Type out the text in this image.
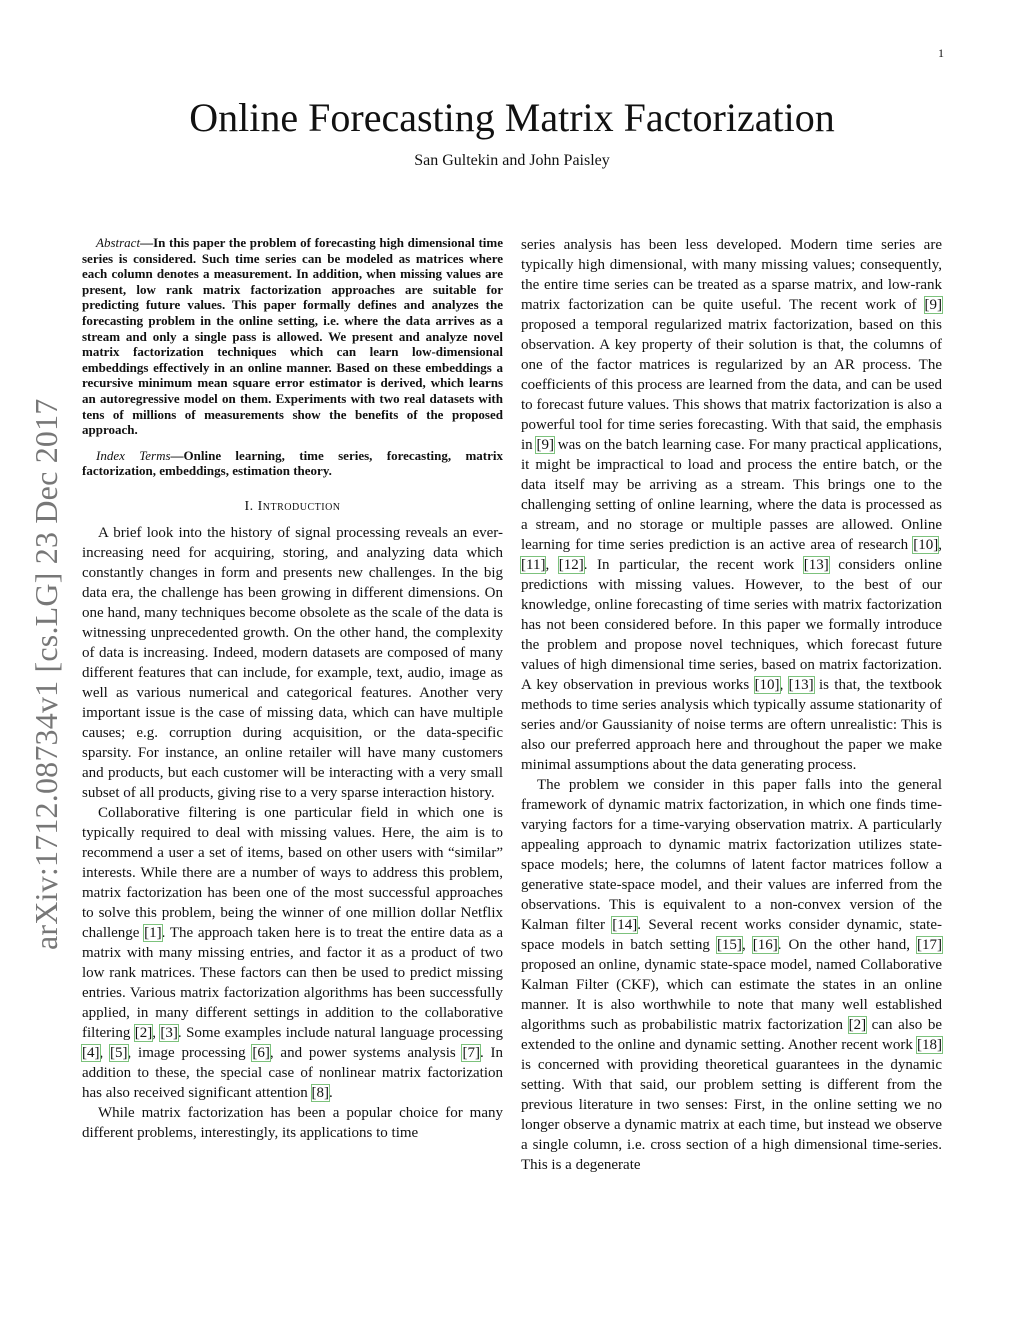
1
arXiv:1712.08734v1 [cs.LG] 23 Dec 2017
Online Forecasting Matrix Factorization
San Gultekin and John Paisley

Abstract—In this paper the problem of forecasting high dimensional time series is considered. Such time series can be modeled as matrices where each column denotes a measurement. In addition, when missing values are present, low rank matrix factorization approaches are suitable for predicting future values. This paper formally defines and analyzes the forecasting problem in the online setting, i.e. where the data arrives as a stream and only a single pass is allowed. We present and analyze novel matrix factorization techniques which can learn low-dimensional embeddings effectively in an online manner. Based on these embeddings a recursive minimum mean square error estimator is derived, which learns an autoregressive model on them. Experiments with two real datasets with tens of millions of measurements show the benefits of the proposed approach.

Index Terms—Online learning, time series, forecasting, matrix factorization, embeddings, estimation theory.

I. Introduction

A brief look into the history of signal processing reveals an ever-increasing need for acquiring, storing, and analyzing data which constantly changes in form and presents new challenges. In the big data era, the challenge has been growing in different dimensions. On one hand, many techniques become obsolete as the scale of the data is witnessing unprecedented growth. On the other hand, the complexity of data is increasing. Indeed, modern datasets are composed of many different features that can include, for example, text, audio, image as well as various numerical and categorical features. Another very important issue is the case of missing data, which can have multiple causes; e.g. corruption during acquisition, or the data-specific sparsity. For instance, an online retailer will have many customers and products, but each customer will be interacting with a very small subset of all products, giving rise to a very sparse interaction history.

Collaborative filtering is one particular field in which one is typically required to deal with missing values. Here, the aim is to recommend a user a set of items, based on other users with “similar” interests. While there are a number of ways to address this problem, matrix factorization has been one of the most successful approaches to solve this problem, being the winner of one million dollar Netflix challenge [1]. The approach taken here is to treat the entire data as a matrix with many missing entries, and factor it as a product of two low rank matrices. These factors can then be used to predict missing entries. Various matrix factorization algorithms has been successfully applied, in many different settings in addition to the collaborative filtering [2], [3]. Some examples include natural language processing [4], [5], image processing [6], and power systems analysis [7]. In addition to these, the special case of nonlinear matrix factorization has also received significant attention [8].

While matrix factorization has been a popular choice for many different problems, interestingly, its applications to time

series analysis has been less developed. Modern time series are typically high dimensional, with many missing values; consequently, the entire time series can be treated as a sparse matrix, and low-rank matrix factorization can be quite useful. The recent work of [9] proposed a temporal regularized matrix factorization, based on this observation. A key property of their solution is that, the columns of one of the factor matrices is regularized by an AR process. The coefficients of this process are learned from the data, and can be used to forecast future values. This shows that matrix factorization is also a powerful tool for time series forecasting. With that said, the emphasis in [9] was on the batch learning case. For many practical applications, it might be impractical to load and process the entire batch, or the data itself may be arriving as a stream. This brings one to the challenging setting of online learning, where the data is processed as a stream, and no storage or multiple passes are allowed. Online learning for time series prediction is an active area of research [10], [11], [12]. In particular, the recent work [13] considers online predictions with missing values. However, to the best of our knowledge, online forecasting of time series with matrix factorization has not been considered before. In this paper we formally introduce the problem and propose novel techniques, which forecast future values of high dimensional time series, based on matrix factorization. A key observation in previous works [10], [13] is that, the textbook methods to time series analysis which typically assume stationarity of series and/or Gaussianity of noise terms are oftern unrealistic: This is also our preferred approach here and throughout the paper we make minimal assumptions about the data generating process.

The problem we consider in this paper falls into the general framework of dynamic matrix factorization, in which one finds time-varying factors for a time-varying observation matrix. A particularly appealing approach to dynamic matrix factorization utilizes state-space models; here, the columns of latent factor matrices follow a generative state-space model, and their values are inferred from the observations. This is equivalent to a non-convex version of the Kalman filter [14]. Several recent works consider dynamic, state-space models in batch setting [15], [16]. On the other hand, [17] proposed an online, dynamic state-space model, named Collaborative Kalman Filter (CKF), which can estimate the states in an online manner. It is also worthwhile to note that many well established algorithms such as probabilistic matrix factorization [2] can also be extended to the online and dynamic setting. Another recent work [18] is concerned with providing theoretical guarantees in the dynamic setting. With that said, our problem setting is different from the previous literature in two senses: First, in the online setting we no longer observe a dynamic matrix at each time, but instead we observe a single column, i.e. cross section of a high dimensional time-series. This is a degenerate
